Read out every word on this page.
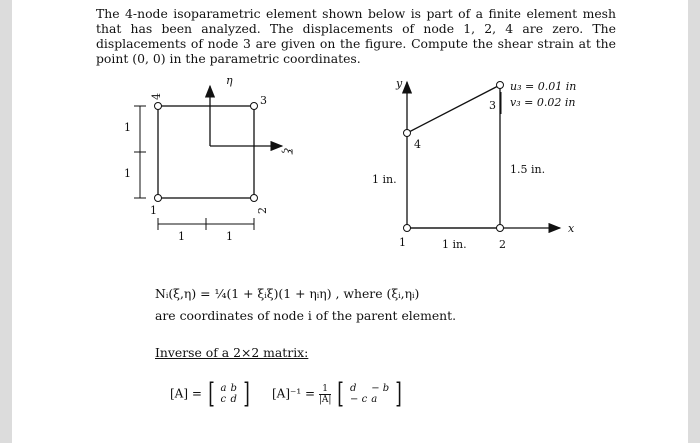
The 4-node isoparametric element shown below is part of a finite element mesh that has been analyzed. The displacements of node 1, 2, 4 are zero. The displacements of node 3 are given on the figure. Compute the shear strain at the point (0, 0) in the parametric coordinates.
η
ξ
1	2
3
4
1
1
1	1
y
x
1	2
3
4
u₃ = 0.01 in
v₃ = 0.02 in
1 in.
1.5 in.
1 in.
Nᵢ(ξ,η) = ¼(1 + ξᵢξ)(1 + ηᵢη) , where (ξᵢ,ηᵢ)
are coordinates of node i of the parent element.
Inverse of a 2×2 matrix:
[A] = [ a b
c d ] $[A]^{-1} = \frac{1}{|A|}$ [ d	− b
− c a ]
